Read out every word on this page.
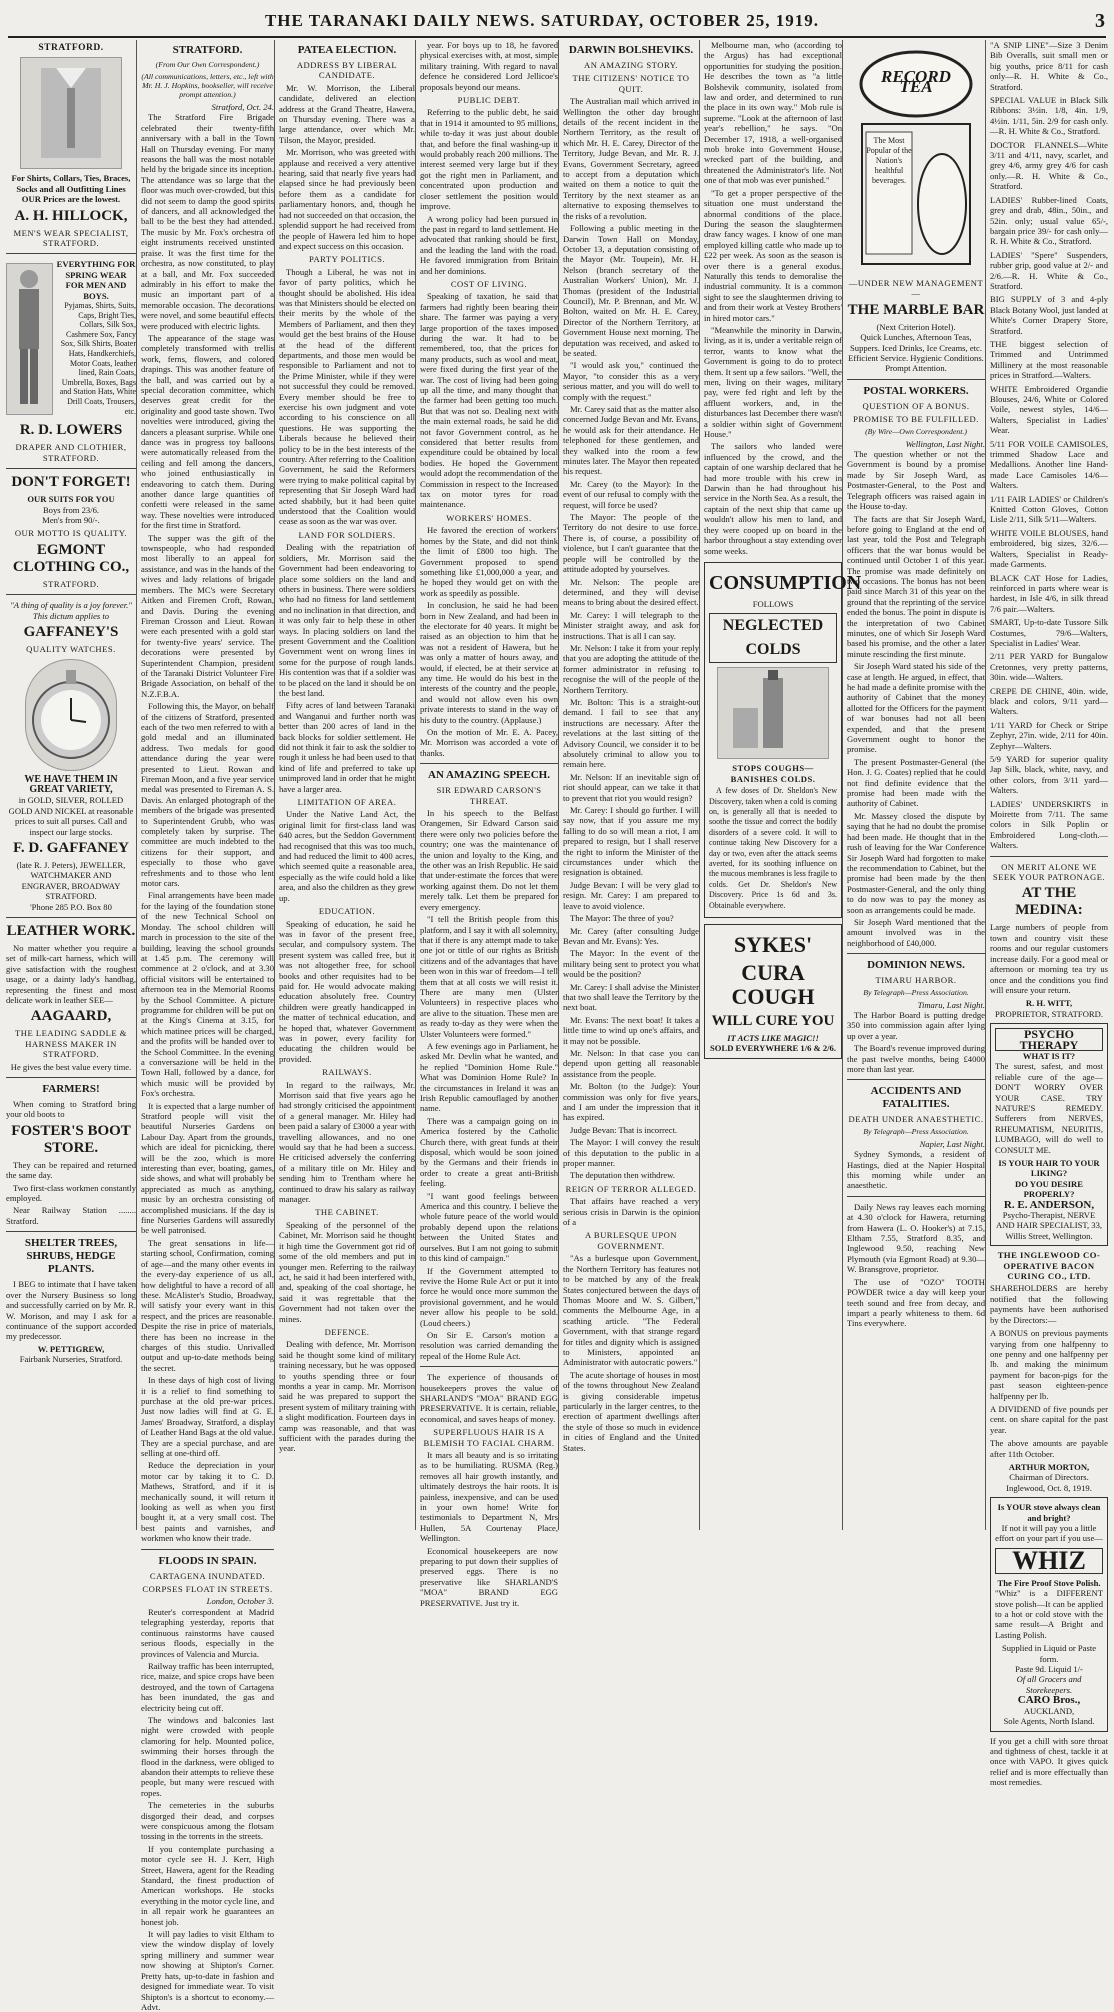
THE TARANAKI DAILY NEWS. SATURDAY, OCTOBER 25, 1919.	3
STRATFORD.
For Shirts, Collars, Ties, Braces, Socks and all Outfitting Lines OUR Prices are the lowest.
A. H. HILLOCK,
MEN'S WEAR SPECIALIST, STRATFORD.
EVERYTHING FOR SPRING WEAR FOR MEN AND BOYS.
Pyjamas, Shirts, Suits, Caps, Bright Ties, Collars, Silk Sox, Cashmere Sox, Fancy Sox, Silk Shirts, Boater Hats, Handkerchiefs, Motor Coats, leather lined, Rain Coats, Umbrella, Boxes, Bags and Station Hats, White Drill Coats, Trousers, etc.
R. D. LOWERS
DRAPER AND CLOTHIER, STRATFORD.
DON'T FORGET!
OUR SUITS FOR YOU
Boys from 23/6.
Men's from 90/-.
OUR MOTTO IS QUALITY.
EGMONT CLOTHING CO.,
STRATFORD.
"A thing of quality is a joy forever." This dictum applies to
GAFFANEY'S
QUALITY WATCHES.
WE HAVE THEM IN GREAT VARIETY,
in GOLD, SILVER, ROLLED GOLD AND NICKEL at reasonable prices to suit all purses. Call and inspect our large stocks.
F. D. GAFFANEY
(late R. J. Peters), JEWELLER, WATCHMAKER AND ENGRAVER, BROADWAY STRATFORD.
'Phone 285 P.O. Box 80
LEATHER WORK.

No matter whether you require a set of milk-cart harness, which will give satisfaction with the roughest usage, or a dainty lady's handbag, representing the finest and most delicate work in leather SEE—

AAGAARD,
THE LEADING SADDLE & HARNESS MAKER IN STRATFORD.
He gives the best value every time.
FARMERS!

When coming to Stratford bring your old boots to

FOSTER'S BOOT STORE.

They can be repaired and returned the same day.

Two first-class workmen constantly employed.

Near Railway Station ........ Stratford.

SHELTER TREES, SHRUBS, HEDGE PLANTS.

I BEG to intimate that I have taken over the Nursery Business so long and successfully carried on by Mr. R. W. Morison, and may I ask for a continuance of the support accorded my predecessor.

W. PETTIGREW,
Fairbank Nurseries, Stratford.
STRATFORD.
(From Our Own Correspondent.)
(All communications, letters, etc., left with Mr. H. J. Hopkins, bookseller, will receive prompt attention.)
Stratford, Oct. 24.

The Stratford Fire Brigade celebrated their twenty-fifth anniversary with a ball in the Town Hall on Thursday evening. For many reasons the ball was the most notable held by the brigade since its inception. The attendance was so large that the floor was much over-crowded, but this did not seem to damp the good spirits of dancers, and all acknowledged the ball to be the best they had attended. The music by Mr. Fox's orchestra of eight instruments received unstinted praise. It was the first time for the orchestra, as now constituted, to play at a ball, and Mr. Fox succeeded admirably in his effort to make the music an important part of a memorable occasion. The decorations were novel, and some beautiful effects were produced with electric lights.

The appearance of the stage was completely transformed with trellis work, ferns, flowers, and colored drapings. This was another feature of the ball, and was carried out by a special decoration committee, which deserves great credit for the originality and good taste shown. Two novelties were introduced, giving the dancers a pleasant surprise. While one dance was in progress toy balloons were automatically released from the ceiling and fell among the dancers, who joined enthusiastically in endeavoring to catch them. During another dance large quantities of confetti were released in the same way. These novelties were introduced for the first time in Stratford.

The supper was the gift of the townspeople, who had responded most liberally to an appeal for assistance, and was in the hands of the wives and lady relations of brigade members. The MC's were Secretary Aitken and Firemen Croft, Rowan, and Davis. During the evening Fireman Crosson and Lieut. Rowan were each presented with a gold star for twenty-five years' service. The decorations were presented by Superintendent Champion, president of the Taranaki District Volunteer Fire Brigade Association, on behalf of the N.Z.F.B.A.

Following this, the Mayor, on behalf of the citizens of Stratford, presented each of the two men referred to with a gold medal and an illuminated address. Two medals for good attendance during the year were presented to Lieut. Rowan and Fireman Moon, and a five year service medal was presented to Fireman A. S. Davis. An enlarged photograph of the members of the brigade was presented to Superintendent Grubb, who was completely taken by surprise. The committee are much indebted to the citizens for their support, and especially to those who gave refreshments and to those who lent motor cars.

Final arrangements have been made for the laying of the foundation stone of the new Technical School on Monday. The school children will march in procession to the site of the building, leaving the school grounds at 1.45 p.m. The ceremony will commence at 2 o'clock, and at 3.30 official visitors will be entertained to afternoon tea in the Memorial Rooms by the School Committee. A picture programme for children will be put on at the King's Cinema at 3.15, for which matinee prices will be charged, and the profits will be handed over to the School Committee. In the evening a conversazione will be held in the Town Hall, followed by a dance, for which music will be provided by Fox's orchestra.

It is expected that a large number of Stratford people will visit the beautiful Nurseries Gardens on Labour Day. Apart from the grounds, which are ideal for picnicking, there will be the zoo, which is more interesting than ever, boating, games, side shows, and what will probably be appreciated as much as anything, music by an orchestra consisting of accomplished musicians. If the day is fine Nurseries Gardens will assuredly be well patronised.

The great sensations in life—starting school, Confirmation, coming of age—and the many other events in the every-day experience of us all, how delightful to have a record of all these. McAlister's Studio, Broadway, will satisfy your every want in this respect, and the prices are reasonable. Despite the rise in price of materials, there has been no increase in the charges of this studio. Unrivalled output and up-to-date methods being the secret.

In these days of high cost of living it is a relief to find something to purchase at the old pre-war prices. Just now ladies will find at G. E. James' Broadway, Stratford, a display of Leather Hand Bags at the old value. They are a special purchase, and are selling at one-third off.

Reduce the depreciation in your motor car by taking it to C. D. Mathews, Stratford, and if it is mechanically sound, it will return it looking as well as when you first bought it, at a very small cost. The best paints and varnishes, and workmen who know their trade.

FLOODS IN SPAIN.
CARTAGENA INUNDATED.
CORPSES FLOAT IN STREETS.
London, October 3.

Reuter's correspondent at Madrid telegraphing yesterday, reports that continuous rainstorms have caused serious floods, especially in the provinces of Valencia and Murcia.

Railway traffic has been interrupted, rice, maize, and spice crops have been destroyed, and the town of Cartagena has been inundated, the gas and electricity being cut off.

The windows and balconies last night were crowded with people clamoring for help. Mounted police, swimming their horses through the flood in the darkness, were obliged to abandon their attempts to relieve these people, but many were rescued with ropes.

The cemeteries in the suburbs disgorged their dead, and corpses were conspicuous among the flotsam tossing in the torrents in the streets.

If you contemplate purchasing a motor cycle see H. J. Kerr, High Street, Hawera, agent for the Reading Standard, the finest production of American workshops. He stocks everything in the motor cycle line, and in all repair work he guarantees an honest job.

It will pay ladies to visit Eltham to view the window display of lovely spring millinery and summer wear now showing at Shipton's Corner. Pretty hats, up-to-date in fashion and designed for immediate wear. To visit Shipton's is a shortcut to economy.—Advt.

PATEA ELECTION.
ADDRESS BY LIBERAL CANDIDATE.

Mr. W. Morrison, the Liberal candidate, delivered an election address at the Grand Theatre, Hawera, on Thursday evening. There was a large attendance, over which Mr. Tilson, the Mayor, presided.

Mr. Morrison, who was greeted with applause and received a very attentive hearing, said that nearly five years had elapsed since he had previously been before them as a candidate for parliamentary honors, and, though he had not succeeded on that occasion, the splendid support he had received from the people of Hawera led him to hope and expect success on this occasion.

PARTY POLITICS.

Though a Liberal, he was not in favor of party politics, which he thought should be abolished. His idea was that Ministers should be elected on their merits by the whole of the Members of Parliament, and then they would get the best brains of the House at the head of the different departments, and those men would be responsible to Parliament and not to the Prime Minister, while if they were not successful they could be removed. Every member should be free to exercise his own judgment and vote according to his conscience on all questions. He was supporting the Liberals because he believed their policy to be in the best interests of the country. After referring to the Coalition Government, he said the Reformers were trying to make political capital by representing that Sir Joseph Ward had acted shabbily, but it had been quite understood that the Coalition would cease as soon as the war was over.

LAND FOR SOLDIERS.

Dealing with the repatriation of soldiers, Mr. Morrison said the Government had been endeavoring to place some soldiers on the land and others in business. There were soldiers who had no fitness for land settlement and no inclination in that direction, and it was only fair to help these in other ways. In placing soldiers on land the present Government and the Coalition Government went on wrong lines in some for the purpose of rough lands. His contention was that if a soldier was to be placed on the land it should be on the best land.

Fifty acres of land between Taranaki and Wanganui and further north was better than 200 acres of land in the back blocks for soldier settlement. He did not think it fair to ask the soldier to rough it unless he had been used to that kind of life and preferred to take up unimproved land in order that he might have a larger area.

LIMITATION OF AREA.

Under the Native Land Act, the original limit for first-class land was 640 acres, but the Seddon Government had recognised that this was too much, and had reduced the limit to 400 acres, which seemed quite a reasonable area, especially as the wife could hold a like area, and also the children as they grew up.

EDUCATION.

Speaking of education, he said he was in favor of the present free, secular, and compulsory system. The present system was called free, but it was not altogether free, for school books and other requisites had to be paid for. He would advocate making education absolutely free. Country children were greatly handicapped in the matter of technical education, and he hoped that, whatever Government was in power, every facility for educating the children would be provided.

RAILWAYS.

In regard to the railways, Mr. Morrison said that five years ago he had strongly criticised the appointment of a general manager. Mr. Hiley had been paid a salary of £3000 a year with travelling allowances, and no one would say that he had been a success. He criticised adversely the conferring of a military title on Mr. Hiley and sending him to Trentham where he continued to draw his salary as railway manager.

THE CABINET.

Speaking of the personnel of the Cabinet, Mr. Morrison said he thought it high time the Government got rid of some of the old members and put in younger men. Referring to the railway act, he said it had been interfered with, and, speaking of the coal shortage, he said it was regrettable that the Government had not taken over the mines.

DEFENCE.

Dealing with defence, Mr. Morrison said he thought some kind of military training necessary, but he was opposed to youths spending three or four months a year in camp. Mr. Morrison said he was prepared to support the present system of military training with a slight modification. Fourteen days in camp was reasonable, and that was sufficient with the parades during the year.

year. For boys up to 18, he favored physical exercises with, at most, simple military training. With regard to naval defence he considered Lord Jellicoe's proposals beyond our means.

PUBLIC DEBT.

Referring to the public debt, he said that in 1914 it amounted to 95 millions, while to-day it was just about double that, and before the final washing-up it would probably reach 200 millions. The interest seemed very large but if they got the right men in Parliament, and concentrated upon production and closer settlement the position would improve.

A wrong policy had been pursued in the past in regard to land settlement. He advocated that ranking should be first, and the leading the land with the road. He favored immigration from Britain and her dominions.

COST OF LIVING.

Speaking of taxation, he said that farmers had rightly been bearing their share. The farmer was paying a very large proportion of the taxes imposed during the war. It had to be remembered, too, that the prices for many products, such as wool and meat, were fixed during the first year of the war. The cost of living had been going up all the time, and many thought that the farmer had been getting too much. But that was not so. Dealing next with the main external roads, he said he did not favor Government control, as he considered that better results from expenditure could be obtained by local bodies. He hoped the Government would adopt the recommendation of the Commission in respect to the Increased tax on motor tyres for road maintenance.

WORKERS' HOMES.

He favored the erection of workers' homes by the State, and did not think the limit of £800 too high. The Government proposed to spend something like £1,000,000 a year, and he hoped they would get on with the work as speedily as possible.

In conclusion, he said he had been born in New Zealand, and had been in the electorate for 40 years. It might be raised as an objection to him that he was not a resident of Hawera, but he was only a matter of hours away, and would, if elected, be at their service at any time. He would do his best in the interests of the country and the people, and would not allow even his own private interests to stand in the way of his duty to the country. (Applause.)

On the motion of Mr. E. A. Pacey, Mr. Morrison was accorded a vote of thanks.

AN AMAZING SPEECH.
SIR EDWARD CARSON'S THREAT.

In his speech to the Belfast Orangemen, Sir Edward Carson said there were only two policies before the country; one was the maintenance of the union and loyalty to the King, and the other was an Irish Republic. He said that under-estimate the forces that were working against them. Do not let them merely talk. Let them be prepared for every emergency.

"I tell the British people from this platform, and I say it with all solemnity, that if there is any attempt made to take one jot or tittle of our rights as British citizens and of the advantages that have been won in this war of freedom—I tell them that at all costs we will resist it. There are many men (Ulster Volunteers) in respective places who are alive to the situation. These men are as ready to-day as they were when the Ulster Volunteers were formed."

A few evenings ago in Parliament, he asked Mr. Devlin what he wanted, and he replied "Dominion Home Rule." What was Dominion Home Rule? In the circumstances in Ireland it was an Irish Republic camouflaged by another name.

There was a campaign going on in America fostered by the Catholic Church there, with great funds at their disposal, which would be soon joined by the Germans and their friends in order to create a great anti-British feeling.

"I want good feelings between America and this country. I believe the whole future peace of the world would probably depend upon the relations between the United States and ourselves. But I am not going to submit to this kind of campaign."

If the Government attempted to revive the Home Rule Act or put it into force he would once more summon the provisional government, and he would never allow his people to be sold. (Loud cheers.)

On Sir E. Carson's motion a resolution was carried demanding the repeal of the Home Rule Act.

The experience of thousands of housekeepers proves the value of SHARLAND'S "MOA" BRAND EGG PRESERVATIVE. It is certain, reliable, economical, and saves heaps of money.

SUPERFLUOUS HAIR IS A BLEMISH TO FACIAL CHARM.

It mars all beauty and is so irritating as to be humiliating. RUSMA (Reg.) removes all hair growth instantly, and ultimately destroys the hair roots. It is painless, inexpensive, and can be used in your own home! Write for testimonials to Department N, Mrs Hullen, 5A Courtenay Place, Wellington.

Economical housekeepers are now preparing to put down their supplies of preserved eggs. There is no preservative like SHARLAND'S "MOA" BRAND EGG PRESERVATIVE. Just try it.

DARWIN BOLSHEVIKS.
AN AMAZING STORY.
THE CITIZENS' NOTICE TO QUIT.

The Australian mail which arrived in Wellington the other day brought details of the recent incident in the Northern Territory, as the result of which Mr. H. E. Carey, Director of the Territory, Judge Bevan, and Mr. R. J. Evans, Government Secretary, agreed to accept from a deputation which waited on them a notice to quit the Territory by the next steamer as an alternative to exposing themselves to the risks of a revolution.

Following a public meeting in the Darwin Town Hall on Monday, October 13, a deputation consisting of the Mayor (Mr. Toupein), Mr. H. Nelson (branch secretary of the Australian Workers' Union), Mr. J. Thomas (president of the Industrial Council), Mr. P. Brennan, and Mr. W. Bolton, waited on Mr. H. E. Carey, Director of the Northern Territory, at Government House next morning. The deputation was received, and asked to be seated.

"I would ask you," continued the Mayor, "to consider this as a very serious matter, and you will do well to comply with the request."

Mr. Carey said that as the matter also concerned Judge Bevan and Mr. Evans, he would ask for their attendance. He telephoned for these gentlemen, and they walked into the room a few minutes later. The Mayor then repeated his request.

Mr. Carey (to the Mayor): In the event of our refusal to comply with the request, will force be used?

The Mayor: The people of the Territory do not desire to use force. There is, of course, a possibility of violence, but I can't guarantee that the people will be controlled by the attitude adopted by yourselves.

Mr. Nelson: The people are determined, and they will devise means to bring about the desired effect.

Mr. Carey: I will telegraph to the Minister straight away, and ask for instructions. That is all I can say.

Mr. Nelson: I take it from your reply that you are adopting the attitude of the former administrator in refusing to recognise the will of the people of the Northern Territory.

Mr. Bolton: This is a straight-out demand. I fail to see that any instructions are necessary. After the revelations at the last sitting of the Advisory Council, we consider it to be absolutely criminal to allow you to remain here.

Mr. Nelson: If an inevitable sign of riot should appear, can we take it that to prevent that riot you would resign?

Mr. Carey: I should go further. I will say now, that if you assure me my falling to do so will mean a riot, I am prepared to resign, but I shall reserve the right to inform the Minister of the circumstances under which the resignation is obtained.

Judge Bevan: I will be very glad to resign. Mr. Carey: I am prepared to leave to avoid violence.

The Mayor: The three of you?

Mr. Carey (after consulting Judge Bevan and Mr. Evans): Yes.

The Mayor: In the event of the military being sent to protect you what would be the position?

Mr. Carey: I shall advise the Minister that two shall leave the Territory by the next boat.

Mr. Evans: The next boat! It takes a little time to wind up one's affairs, and it may not be possible.

Mr. Nelson: In that case you can depend upon getting all reasonable assistance from the people.

Mr. Bolton (to the Judge): Your commission was only for five years, and I am under the impression that it has expired.

Judge Bevan: That is incorrect.

The Mayor: I will convey the result of this deputation to the public in a proper manner.

The deputation then withdrew.

REIGN OF TERROR ALLEGED.

That affairs have reached a very serious crisis in Darwin is the opinion of a

A BURLESQUE UPON GOVERNMENT.

"As a burlesque upon Government, the Northern Territory has features not to be matched by any of the freak States conjectured between the days of Thomas Moore and W. S. Gilbert," comments the Melbourne Age, in a scathing article. "The Federal Government, with that strange regard for titles and dignity which is assigned to Ministers, appointed an Administrator with autocratic powers."

The acute shortage of houses in most of the towns throughout New Zealand is giving considerable impetus particularly in the larger centres, to the erection of apartment dwellings after the style of those so much in evidence in cities of England and the United States.

Melbourne man, who (according to the Argus) has had exceptional opportunities for studying the position. He describes the town as "a little Bolshevik community, isolated from law and order, and determined to run the place in its own way." Mob rule is supreme. "Look at the afternoon of last year's rebellion," he says. "On December 17, 1918, a well-organised mob broke into Government House, wrecked part of the building, and threatened the Administrator's life. Not one of that mob was ever punished."

"To get a proper perspective of the situation one must understand the abnormal conditions of the place. During the season the slaughtermen draw fancy wages. I know of one man employed killing cattle who made up to £22 per week. As soon as the season is over there is a general exodus. Naturally this tends to demoralise the industrial community. It is a common sight to see the slaughtermen driving to and from their work at Vestey Brothers' in hired motor cars."

"Meanwhile the minority in Darwin, living, as it is, under a veritable reign of terror, wants to know what the Government is going to do to protect them. It sent up a few sailors. "Well, the men, living on their wages, military pay, were fed right and left by the affluent workers, and, in the disturbances last December there wasn't a soldier within sight of Government House."

The sailors who landed were influenced by the crowd, and the captain of one warship declared that he had more trouble with his crew in Darwin than he had throughout his service in the North Sea. As a result, the captain of the next ship that came up wouldn't allow his men to land, and they were cooped up on board in the harbor throughout a stay extending over some weeks.

CONSUMPTION
FOLLOWS
NEGLECTED COLDS
STOPS COUGHS—BANISHES COLDS.

A few doses of Dr. Sheldon's New Discovery, taken when a cold is coming on, is generally all that is needed to soothe the tissue and correct the bodily disorders of a severe cold. It will to continue taking New Discovery for a day or two, even after the attack seems averted, for its soothing influence on the mucous membranes is less fragile to colds. Get Dr. Sheldon's New Discovery. Price 1s 6d and 3s. Obtainable everywhere.

SYKES'
CURA COUGH
WILL CURE YOU
IT ACTS LIKE MAGIC!!
SOLD EVERYWHERE 1/6 & 2/6.
RECORD TEA
The Most Popular of the Nation's healthful beverages.
—UNDER NEW MANAGEMENT—
THE MARBLE BAR
(Next Criterion Hotel).
Quick Lunches, Afternoon Teas, Suppers. Iced Drinks, Ice Creams, etc.
Efficient Service. Hygienic Conditions. Prompt Attention.
POSTAL WORKERS.
QUESTION OF A BONUS.
PROMISE TO BE FULFILLED.
(By Wire—Own Correspondent.)
Wellington, Last Night.

The question whether or not the Government is bound by a promise made by Sir Joseph Ward, as Postmaster-General, to the Post and Telegraph officers was raised again in the House to-day.

The facts are that Sir Joseph Ward, before going to England at the end of last year, told the Post and Telegraph officers that the war bonus would be continued until October 1 of this year. The promise was made definitely on two occasions. The bonus has not been paid since March 31 of this year on the ground that the reprinting of the service ended the bonus. The point in dispute is the interpretation of two Cabinet minutes, one of which Sir Joseph Ward based his promise, and the other a later minute rescinding the first minute.

Sir Joseph Ward stated his side of the case at length. He argued, in effect, that he had made a definite promise with the authority of Cabinet that the money allotted for the Officers for the payment of war bonuses had not all been expended, and that the present Government ought to honor the promise.

The present Postmaster-General (the Hon. J. G. Coates) replied that he could not find definite evidence that the promise had been made with the authority of Cabinet.

Mr. Massey closed the dispute by saying that he had no doubt the promise had been made. He thought that in the rush of leaving for the War Conference Sir Joseph Ward had forgotten to make the recommendation to Cabinet, but the promise had been made by the then Postmaster-General, and the only thing to do now was to pay the money as soon as arrangements could be made.

Sir Joseph Ward mentioned that the amount involved was in the neighborhood of £40,000.

DOMINION NEWS.
TIMARU HARBOR.
By Telegraph—Press Association.
Timaru, Last Night.

The Harbor Board is putting dredge 350 into commission again after lying up over a year.

The Board's revenue improved during the past twelve months, being £4000 more than last year.

ACCIDENTS AND FATALITIES.
DEATH UNDER ANAESTHETIC.
By Telegraph—Press Association.
Napier, Last Night.

Sydney Symonds, a resident of Hastings, died at the Napier Hospital this morning while under an anaesthetic.

Daily News ray leaves each morning at 4.30 o'clock for Hawera, returning from Hawera (L. O. Hooker's) at 7.15, Eltham 7.55, Stratford 8.35, and Inglewood 9.50, reaching New Plymouth (via Egmont Road) at 9.30—W. Bransgrove, proprietor.

The use of "OZO" TOOTH POWDER twice a day will keep your teeth sound and free from decay, and impart a pearly whiteness to them. 6d Tins everywhere.

"A SNIP LINE"—Size 3 Denim Bib Overalls, suit small men or big youths, price 8/11 for cash only—R. H. White & Co., Stratford.

SPECIAL VALUE in Black Silk Ribbons: 3½in. 1/8, 4in. 1/9, 4½in. 1/11, 5in. 2/9 for cash only.—R. H. White & Co., Stratford.

DOCTOR FLANNELS—White 3/11 and 4/11, navy, scarlet, and grey 4/6, army grey 4/6 for cash only.—R. H. White & Co., Stratford.

LADIES' Rubber-lined Coats, grey and drab, 48in., 50in., and 52in. only; usual value 65/-, bargain price 39/- for cash only—R. H. White & Co., Stratford.

LADIES' "Spere" Suspenders, rubber grip, good value at 2/- and 2/6.—R. H. White & Co., Stratford.

BIG SUPPLY of 3 and 4-ply Black Botany Wool, just landed at White's Corner Drapery Store, Stratford.

THE biggest selection of Trimmed and Untrimmed Millinery at the most reasonable prices in Stratford.—Walters.

WHITE Embroidered Organdie Blouses, 24/6, White or Colored Voile, newest styles, 14/6—Walters, Specialist in Ladies' Wear.

5/11 FOR VOILE CAMISOLES, trimmed Shadow Lace and Medallions. Another line Hand-made Lace Camisoles 14/6—Walters.

1/11 FAIR LADIES' or Children's Knitted Cotton Gloves, Cotton Lisle 2/11, Silk 5/11—Walters.

WHITE VOILE BLOUSES, hand embroidered, big sizes, 32/6.—Walters, Specialist in Ready-made Garments.

BLACK CAT Hose for Ladies, reinforced in parts where wear is hardest, in Isle 4/6, in silk thread 7/6 pair.—Walters.

SMART, Up-to-date Tussore Silk Costumes, 79/6—Walters, Specialist in Ladies' Wear.

2/11 PER YARD for Bungalow Cretonnes, very pretty patterns, 30in. wide—Walters.

CREPE DE CHINE, 40in. wide, black and colors, 9/11 yard—Walters.

1/11 YARD for Check or Stripe Zephyr, 27in. wide, 2/11 for 40in. Zephyr—Walters.

5/9 YARD for superior quality Jap Silk, black, white, navy, and other colors, from 3/11 yard—Walters.

LADIES' UNDERSKIRTS in Moirette from 7/11. The same colors in Silk Poplin or Embroidered Long-cloth.—Walters.

ON MERIT ALONE WE SEEK YOUR PATRONAGE.
AT THE MEDINA:

Large numbers of people from town and country visit these rooms and our regular customers increase daily. For a good meal or afternoon or morning tea try us once and the conditions you find will ensure your return.

R. H. WITT,
PROPRIETOR, STRATFORD.
PSYCHO THERAPY
WHAT IS IT?

The surest, safest, and most reliable cure of the age—DON'T WORRY OVER YOUR CASE. TRY NATURE'S REMEDY. Sufferers from NERVES, RHEUMATISM, NEURITIS, LUMBAGO, will do well to CONSULT ME.

IS YOUR HAIR TO YOUR LIKING?
DO YOU DESIRE PROPERLY?
R. E. ANDERSON,
Psycho-Therapist, NERVE AND HAIR SPECIALIST, 33, Willis Street, Wellington.
THE INGLEWOOD CO-OPERATIVE BACON CURING CO., LTD.

SHAREHOLDERS are hereby notified that the following payments have been authorised by the Directors:—

A BONUS on previous payments varying from one halfpenny to one penny and one halfpenny per lb. and making the minimum payment for bacon-pigs for the past season eighteen-pence halfpenny per lb.

A DIVIDEND of five pounds per cent. on share capital for the past year.

The above amounts are payable after 11th October.

ARTHUR MORTON,
Chairman of Directors. Inglewood, Oct. 8, 1919.
Is YOUR stove always clean and bright?
If not it will pay you a little effort on your part if you use—
WHIZ
The Fire Proof Stove Polish.

"Whiz" is a DIFFERENT stove polish—It can be applied to a hot or cold stove with the same result—A Bright and Lasting Polish.

Supplied in Liquid or Paste form.
Paste 9d. Liquid 1/-
Of all Grocers and Storekeepers.
CARO Bros.,
AUCKLAND,
Sole Agents, North Island.

If you get a chill with sore throat and tightness of chest, tackle it at once with VAPO. It gives quick relief and is more effectually than most remedies.
